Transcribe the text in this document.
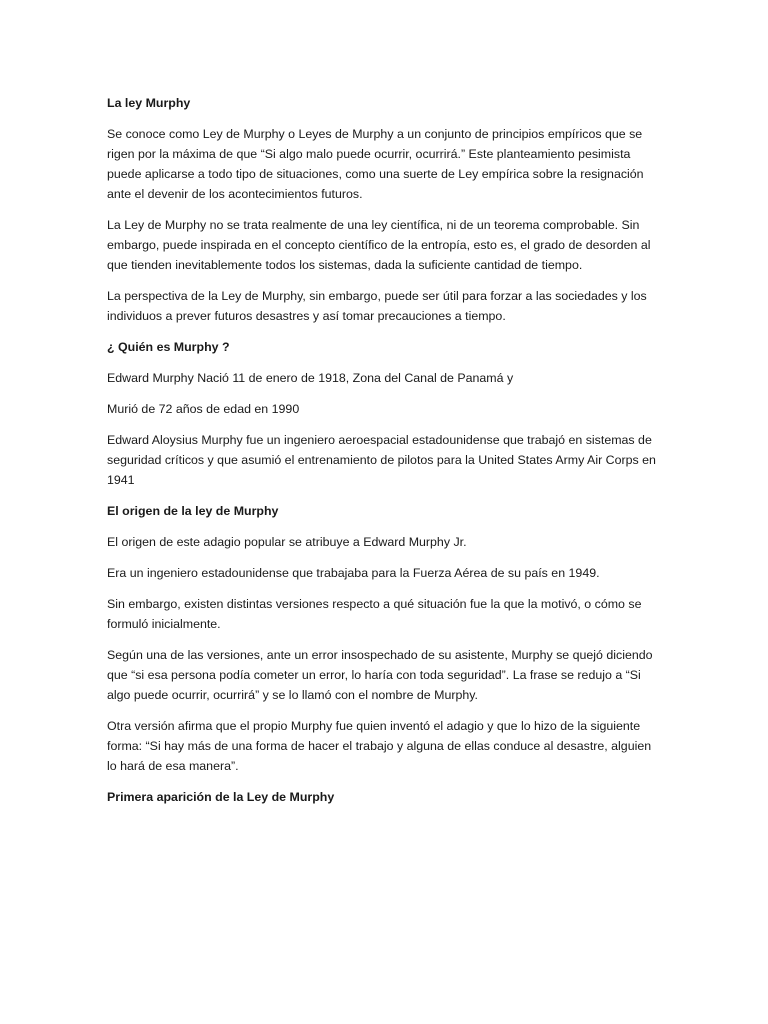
La ley Murphy

Se conoce como Ley de Murphy o Leyes de Murphy a un conjunto de principios empíricos que se rigen por la máxima de que “Si algo malo puede ocurrir, ocurrirá.” Este planteamiento pesimista puede aplicarse a todo tipo de situaciones, como una suerte de Ley empírica sobre la resignación ante el devenir de los acontecimientos futuros.

La Ley de Murphy no se trata realmente de una ley científica, ni de un teorema comprobable. Sin embargo, puede inspirada en el concepto científico de la entropía, esto es, el grado de desorden al que tienden inevitablemente todos los sistemas, dada la suficiente cantidad de tiempo.

La perspectiva de la Ley de Murphy, sin embargo, puede ser útil para forzar a las sociedades y los individuos a prever futuros desastres y así tomar precauciones a tiempo.

¿ Quién es Murphy ?

Edward Murphy Nació 11 de enero de 1918, Zona del Canal de Panamá y

Murió de 72 años de edad en 1990

Edward Aloysius Murphy fue un ingeniero aeroespacial estadounidense que trabajó en sistemas de seguridad críticos y que asumió el entrenamiento de pilotos para la United States Army Air Corps en 1941

El origen de la ley de Murphy

El origen de este adagio popular se atribuye a Edward Murphy Jr.

Era un ingeniero estadounidense que trabajaba para la Fuerza Aérea de su país en 1949.

Sin embargo, existen distintas versiones respecto a qué situación fue la que la motivó, o cómo se formuló inicialmente.

Según una de las versiones, ante un error insospechado de su asistente, Murphy se quejó diciendo que “si esa persona podía cometer un error, lo haría con toda seguridad”. La frase se redujo a “Si algo puede ocurrir, ocurrirá” y se lo llamó con el nombre de Murphy.

Otra versión afirma que el propio Murphy fue quien inventó el adagio y que lo hizo de la siguiente forma: “Si hay más de una forma de hacer el trabajo y alguna de ellas conduce al desastre, alguien lo hará de esa manera”.

Primera aparición de la Ley de Murphy
